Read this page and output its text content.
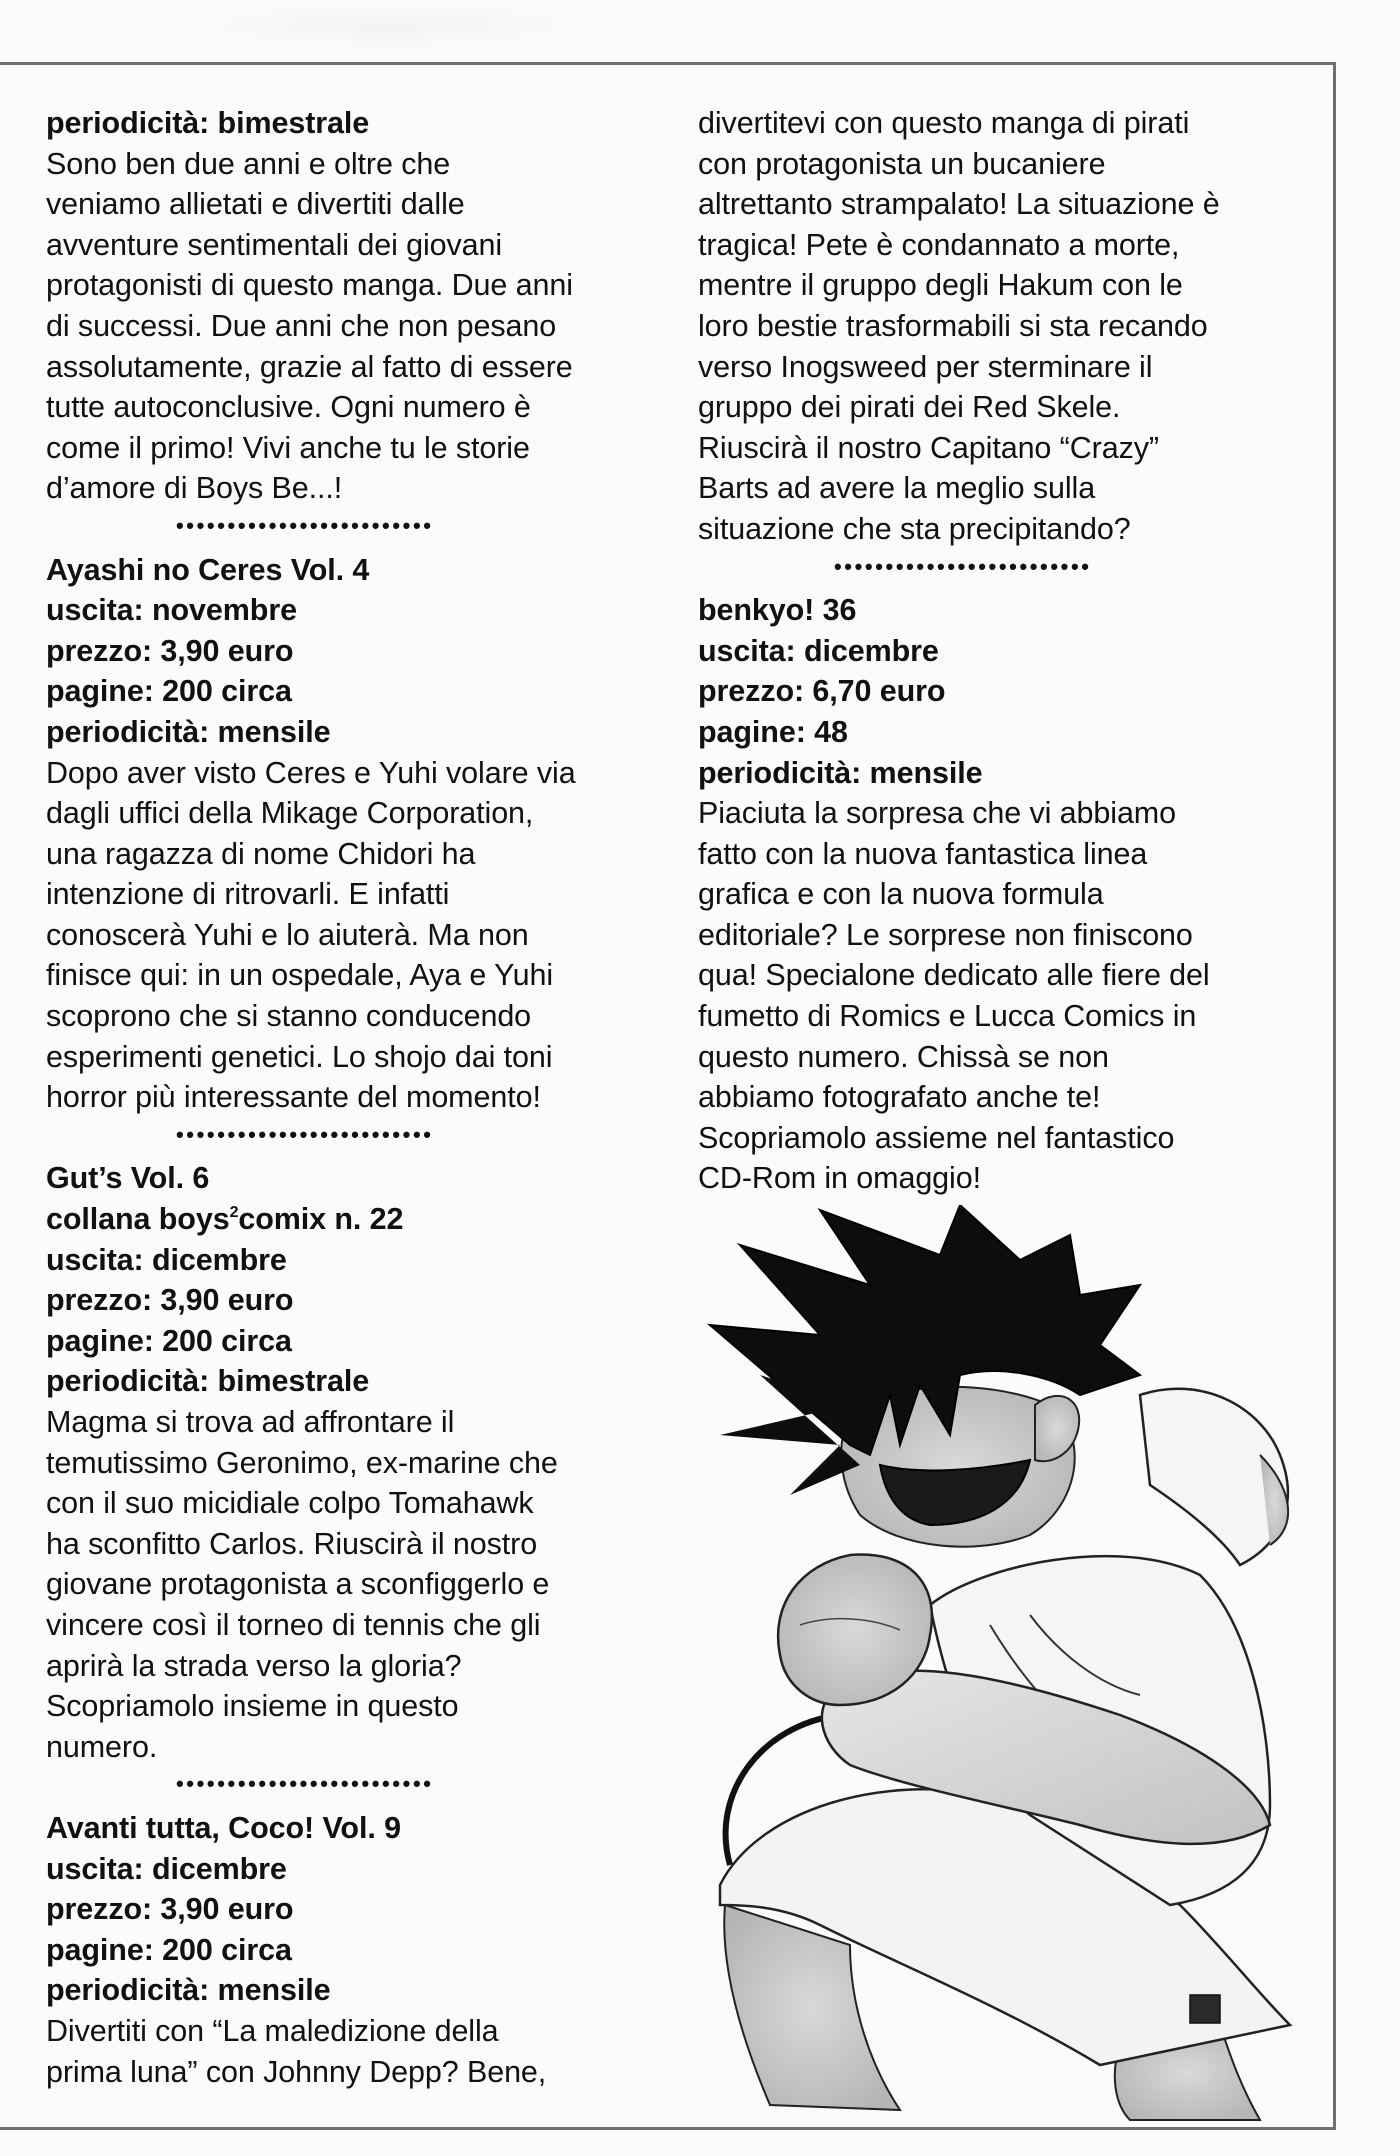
periodicità: bimestrale
Sono ben due anni e oltre che
veniamo allietati e divertiti dalle
avventure sentimentali dei giovani
protagonisti di questo manga. Due anni
di successi. Due anni che non pesano
assolutamente, grazie al fatto di essere
tutte autoconclusive. Ogni numero è
come il primo! Vivi anche tu le storie
d’amore di Boys Be...!
•••••••••••••••••••••••••
Ayashi no Ceres Vol. 4
uscita: novembre
prezzo: 3,90 euro
pagine: 200 circa
periodicità: mensile
Dopo aver visto Ceres e Yuhi volare via
dagli uffici della Mikage Corporation,
una ragazza di nome Chidori ha
intenzione di ritrovarli. E infatti
conoscerà Yuhi e lo aiuterà. Ma non
finisce qui: in un ospedale, Aya e Yuhi
scoprono che si stanno conducendo
esperimenti genetici. Lo shojo dai toni
horror più interessante del momento!
•••••••••••••••••••••••••
Gut’s Vol. 6
collana boys$^2$comix n. 22
uscita: dicembre
prezzo: 3,90 euro
pagine: 200 circa
periodicità: bimestrale
Magma si trova ad affrontare il
temutissimo Geronimo, ex-marine che
con il suo micidiale colpo Tomahawk
ha sconfitto Carlos. Riuscirà il nostro
giovane protagonista a sconfiggerlo e
vincere così il torneo di tennis che gli
aprirà la strada verso la gloria?
Scopriamolo insieme in questo
numero.
•••••••••••••••••••••••••
Avanti tutta, Coco! Vol. 9
uscita: dicembre
prezzo: 3,90 euro
pagine: 200 circa
periodicità: mensile
Divertiti con “La maledizione della
prima luna” con Johnny Depp? Bene,
divertitevi con questo manga di pirati
con protagonista un bucaniere
altrettanto strampalato! La situazione è
tragica! Pete è condannato a morte,
mentre il gruppo degli Hakum con le
loro bestie trasformabili si sta recando
verso Inogsweed per sterminare il
gruppo dei pirati dei Red Skele.
Riuscirà il nostro Capitano “Crazy”
Barts ad avere la meglio sulla
situazione che sta precipitando?
•••••••••••••••••••••••••
benkyo! 36
uscita: dicembre
prezzo: 6,70 euro
pagine: 48
periodicità: mensile
Piaciuta la sorpresa che vi abbiamo
fatto con la nuova fantastica linea
grafica e con la nuova formula
editoriale? Le sorprese non finiscono
qua! Specialone dedicato alle fiere del
fumetto di Romics e Lucca Comics in
questo numero. Chissà se non
abbiamo fotografato anche te!
Scopriamolo assieme nel fantastico
CD-Rom in omaggio!
